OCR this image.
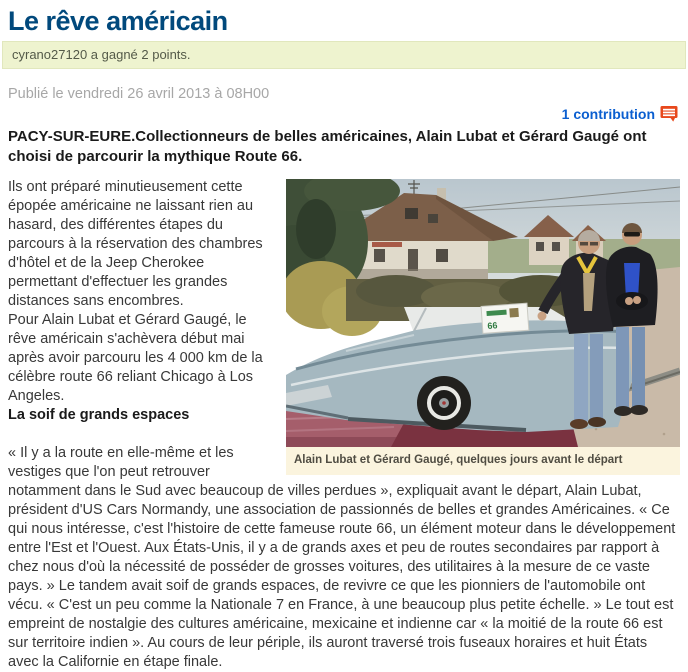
Le rêve américain
cyrano27120 a gagné 2 points.
Publié le vendredi 26 avril 2013 à 08H00
1 contribution

PACY-SUR-EURE.Collectionneurs de belles américaines, Alain Lubat et Gérard Gaugé ont choisi de parcourir la mythique Route 66.

66
Alain Lubat et Gérard Gaugé, quelques jours avant le départ

Ils ont préparé minutieusement cette épopée américaine ne laissant rien au hasard, des différentes étapes du parcours à la réservation des chambres d'hôtel et de la Jeep Cherokee permettant d'effectuer les grandes distances sans encombres.

Pour Alain Lubat et Gérard Gaugé, le rêve américain s'achèvera début mai après avoir parcouru les 4 000 km de la célèbre route 66 reliant Chicago à Los Angeles.

La soif de grands espaces

« Il y a la route en elle-même et les vestiges que l'on peut retrouver notamment dans le Sud avec beaucoup de villes perdues », expliquait avant le départ, Alain Lubat, président d'US Cars Normandy, une association de passionnés de belles et grandes Américaines. « Ce qui nous intéresse, c'est l'histoire de cette fameuse route 66, un élément moteur dans le développement entre l'Est et l'Ouest. Aux États-Unis, il y a de grands axes et peu de routes secondaires par rapport à chez nous d'où la nécessité de posséder de grosses voitures, des utilitaires à la mesure de ce vaste pays. » Le tandem avait soif de grands espaces, de revivre ce que les pionniers de l'automobile ont vécu. « C'est un peu comme la Nationale 7 en France, à une beaucoup plus petite échelle. » Le tout est empreint de nostalgie des cultures américaine, mexicaine et indienne car « la moitié de la route 66 est sur territoire indien ». Au cours de leur périple, ils auront traversé trois fuseaux horaires et huit États avec la Californie en étape finale.
